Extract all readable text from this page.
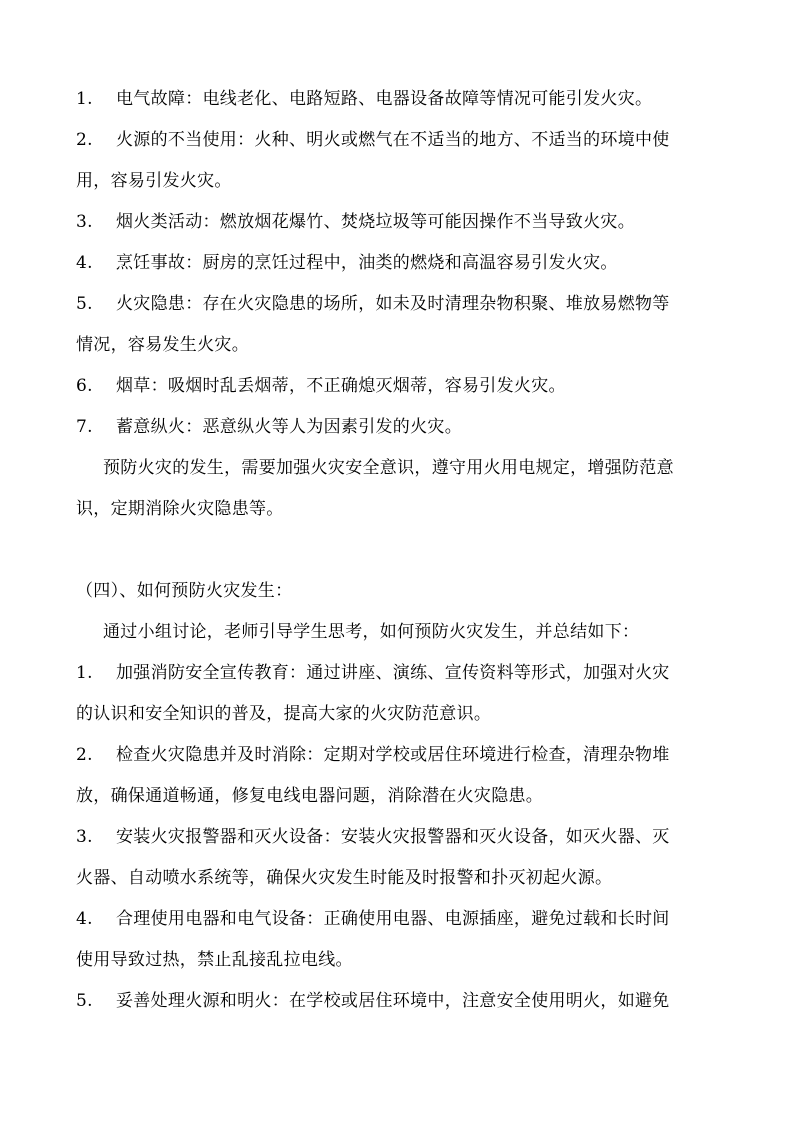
1. 电气故障：电线老化、电路短路、电器设备故障等情况可能引发火灾。
2. 火源的不当使用：火种、明火或燃气在不适当的地方、不适当的环境中使
用，容易引发火灾。
3. 烟火类活动：燃放烟花爆竹、焚烧垃圾等可能因操作不当导致火灾。
4. 烹饪事故：厨房的烹饪过程中，油类的燃烧和高温容易引发火灾。
5. 火灾隐患：存在火灾隐患的场所，如未及时清理杂物积聚、堆放易燃物等
情况，容易发生火灾。
6. 烟草：吸烟时乱丢烟蒂，不正确熄灭烟蒂，容易引发火灾。
7. 蓄意纵火：恶意纵火等人为因素引发的火灾。
预防火灾的发生，需要加强火灾安全意识，遵守用火用电规定，增强防范意
识，定期消除火灾隐患等。
（四）、如何预防火灾发生：
通过小组讨论，老师引导学生思考，如何预防火灾发生，并总结如下：
1. 加强消防安全宣传教育：通过讲座、演练、宣传资料等形式，加强对火灾
的认识和安全知识的普及，提高大家的火灾防范意识。
2. 检查火灾隐患并及时消除：定期对学校或居住环境进行检查，清理杂物堆
放，确保通道畅通，修复电线电器问题，消除潜在火灾隐患。
3. 安装火灾报警器和灭火设备：安装火灾报警器和灭火设备，如灭火器、灭
火器、自动喷水系统等，确保火灾发生时能及时报警和扑灭初起火源。
4. 合理使用电器和电气设备：正确使用电器、电源插座，避免过载和长时间
使用导致过热，禁止乱接乱拉电线。
5. 妥善处理火源和明火：在学校或居住环境中，注意安全使用明火，如避免
